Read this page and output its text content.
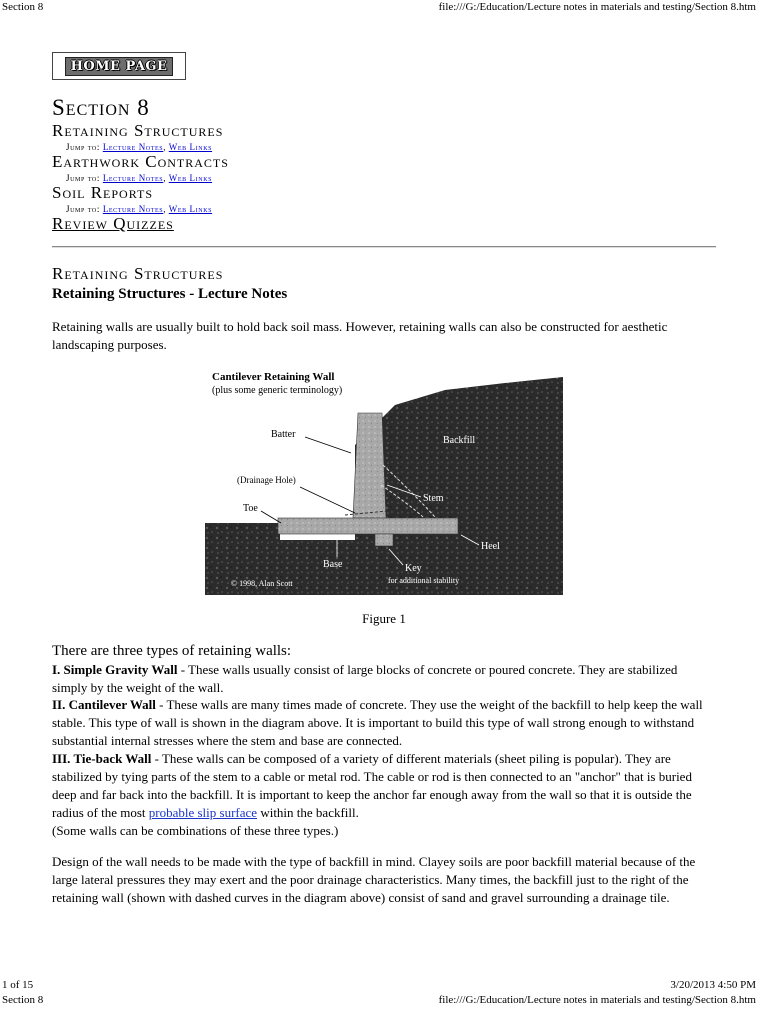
Section 8	file:///G:/Education/Lecture notes in materials and testing/Section 8.htm
HOME PAGE
Section 8
Retaining Structures
Jump to: Lecture Notes, Web Links
Earthwork Contracts
Jump to: Lecture Notes, Web Links
Soil Reports
Jump to: Lecture Notes, Web Links
Review Quizzes
Retaining Structures
Retaining Structures - Lecture Notes
Retaining walls are usually built to hold back soil mass. However, retaining walls can also be constructed for aesthetic landscaping purposes.
Cantilever Retaining Wall
(plus some generic terminology)
Batter
Backfill
(Drainage Hole)
Stem
Toe
Heel
Base	Key
for additional stability
© 1998, Alan Scott
Figure 1
There are three types of retaining walls:
I. Simple Gravity Wall - These walls usually consist of large blocks of concrete or poured concrete. They are stabilized simply by the weight of the wall.
II. Cantilever Wall - These walls are many times made of concrete. They use the weight of the backfill to help keep the wall stable. This type of wall is shown in the diagram above. It is important to build this type of wall strong enough to withstand substantial internal stresses where the stem and base are connected.
III. Tie-back Wall - These walls can be composed of a variety of different materials (sheet piling is popular). They are stabilized by tying parts of the stem to a cable or metal rod. The cable or rod is then connected to an "anchor" that is buried deep and far back into the backfill. It is important to keep the anchor far enough away from the wall so that it is outside the radius of the most probable slip surface within the backfill.
(Some walls can be combinations of these three types.)
Design of the wall needs to be made with the type of backfill in mind. Clayey soils are poor backfill material because of the large lateral pressures they may exert and the poor drainage characteristics. Many times, the backfill just to the right of the retaining wall (shown with dashed curves in the diagram above) consist of sand and gravel surrounding a drainage tile.
1 of 15	3/20/2013 4:50 PM
Section 8	file:///G:/Education/Lecture notes in materials and testing/Section 8.htm
